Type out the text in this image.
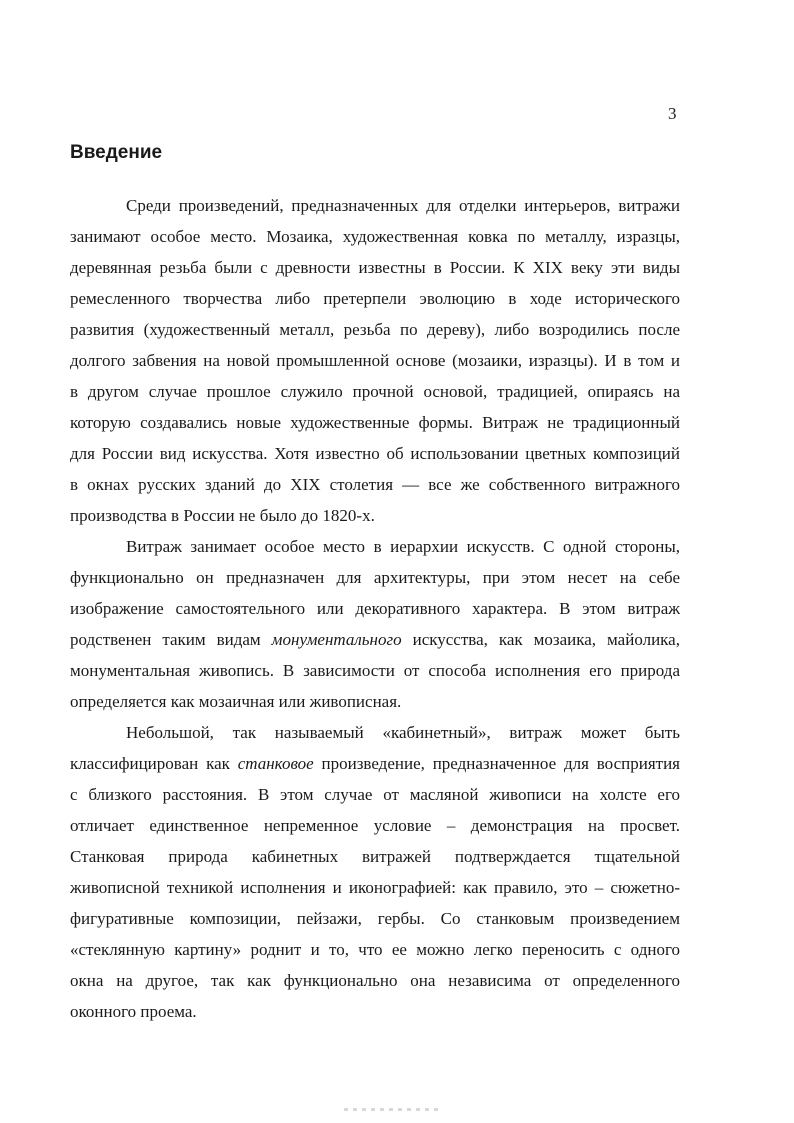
3
Введение

Среди произведений, предназначенных для отделки интерьеров, витражи
занимают особое место. Мозаика, художественная ковка по металлу, изразцы,
деревянная резьба были с древности известны в России. К XIX веку эти виды
ремесленного творчества либо претерпели эволюцию в ходе исторического
развития (художественный металл, резьба по дереву), либо возродились после
долгого забвения на новой промышленной основе (мозаики, изразцы). И в том и
в другом случае прошлое служило прочной основой, традицией, опираясь на
которую создавались новые художественные формы. Витраж не традиционный
для России вид искусства. Хотя известно об использовании цветных композиций
в окнах русских зданий до XIX столетия — все же собственного витражного
производства в России не было до 1820-х.

Витраж занимает особое место в иерархии искусств. С одной стороны,
функционально он предназначен для архитектуры, при этом несет на себе
изображение самостоятельного или декоративного характера. В этом витраж
родственен таким видам монументального искусства, как мозаика, майолика,
монументальная живопись. В зависимости от способа исполнения его природа
определяется как мозаичная или живописная.

Небольшой, так называемый «кабинетный», витраж может быть
классифицирован как станковое произведение, предназначенное для восприятия
с близкого расстояния. В этом случае от масляной живописи на холсте его
отличает единственное непременное условие – демонстрация на просвет.
Станковая природа кабинетных витражей подтверждается тщательной
живописной техникой исполнения и иконографией: как правило, это – сюжетно-
фигуративные композиции, пейзажи, гербы. Со станковым произведением
«стеклянную картину» роднит и то, что ее можно легко переносить с одного
окна на другое, так как функционально она независима от определенного
оконного проема.
